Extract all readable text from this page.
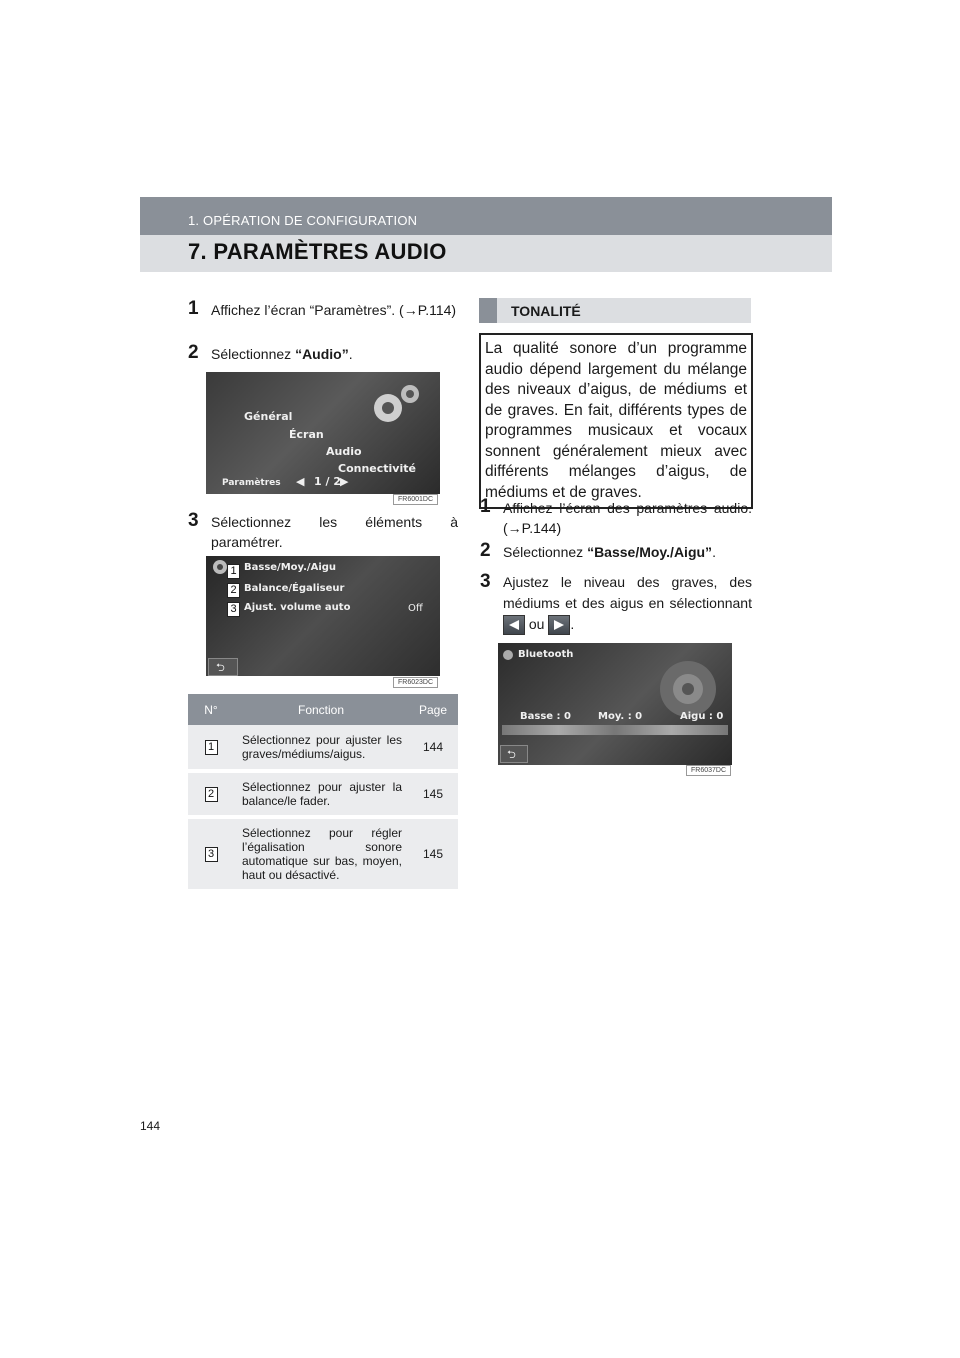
1. OPÉRATION DE CONFIGURATION
7. PARAMÈTRES AUDIO
1 Affichez l’écran “Paramètres”. (→P.114)
2 Sélectionnez “Audio”.
Général
Écran
Audio
Connectivité
Paramètres ◀ 1 / 2 ▶
FR6001DC
3 Sélectionnez les éléments à paramétrer.
1 Basse/Moy./Aigu
2 Balance/Égaliseur
3 Ajust. volume auto	Off
⮌
FR6023DC
N°	Fonction	Page
1	Sélectionnez pour ajuster les graves/médiums/aigus.	144
2	Sélectionnez pour ajuster la balance/le fader.	145
3	Sélectionnez pour régler l’égalisation sonore automatique sur bas, moyen, haut ou désactivé.	145
TONALITÉ
La qualité sonore d’un programme audio dépend largement du mélange des niveaux d’aigus, de médiums et de graves. En fait, différents types de programmes musicaux et vocaux sonnent généralement mieux avec différents mélanges d’aigus, de médiums et de graves.
1 Affichez l’écran des paramètres audio. (→P.144)
2 Sélectionnez “Basse/Moy./Aigu”.
3 Ajustez le niveau des graves, des médiums et des aigus en sélectionnant
ou .
Bluetooth
Basse : 0	Moy. : 0	Aigu : 0
⮌
FR6037DC
144
